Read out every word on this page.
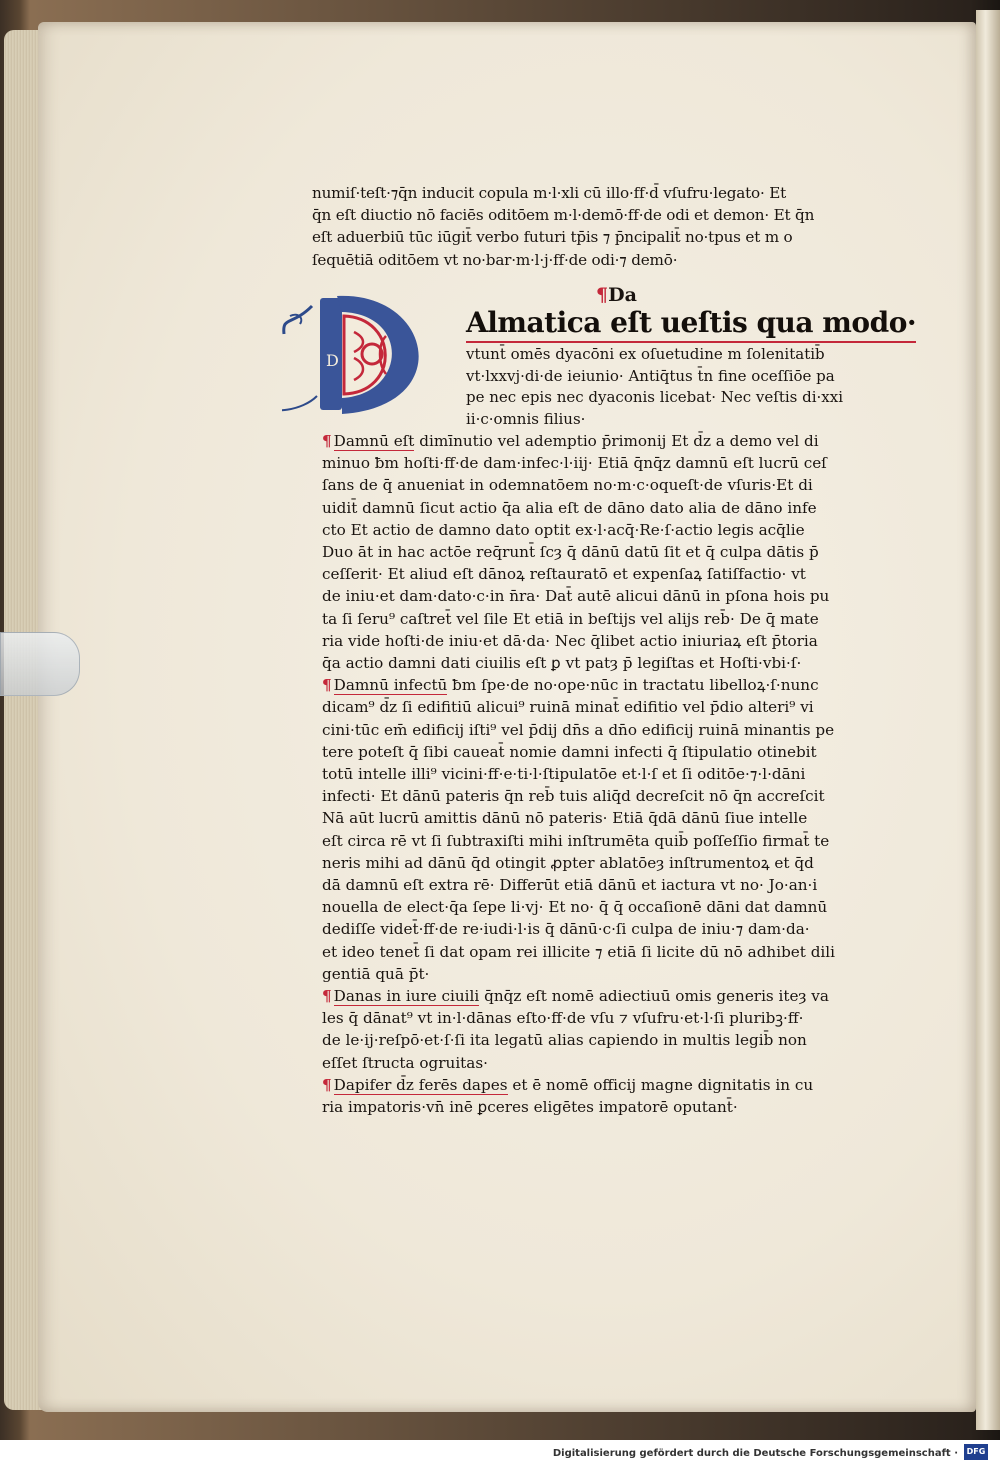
numiſ·teſt·⁊q̄n inducit copula m·l·xli cū illo·ff·d̄ vſufru·legato· Et
q̄n eſt diuctio nō faciēs oditōem m·l·demō·ff·de odi et demon· Et q̄n
eſt aduerbiū tūc iūgit̄ verbo futuri tp̄is ⁊ p̄ncipalit̄ no·tpus et m o
ſequētiā oditōem vt no·bar·m·l·j·ff·de odi·⁊ demō·
¶Da
D
Almatica eſt ueſtis qua modo·
vtunt̄ omēs dyacōni ex oſuetudine m ſolenitatib̄
vt·lxxvj·di·de ieiunio· Antiq̄tus t̄n fine oceſſiōe pa
pe nec epis nec dyaconis licebat· Nec veſtis di·xxi
ii·c·omnis filius·
¶ Damnū eſt dimīnutio vel ademptio p̄rimonij Et d̄z a demo vel di
minuo ƀm hoſti·ff·de dam·infec·l·iij· Etiā q̄nq̄z damnū eſt lucrū ceſ
ſans de q̄ anueniat in odemnatōem no·m·c·oqueſt·de vſuris·Et di
uidit̄ damnū ſicut actio q̄a alia eſt de dāno dato alia de dāno infe
cto Et actio de damno dato optit ex·l·acq̄·Re·ſ·actio legis acq̄lie
Duo āt in hac actōe req̄runt̄ ſcȝ q̄ dānū datū ſit et q̄ culpa dātis p̄
ceſſerit· Et aliud eſt dānoꝝ reſtauratō et expenſaꝝ ſatiſfactio· vt
de iniu·et dam·dato·c·in n̄ra· Dat̄ autē alicui dānū in pſona hois pu
ta ſi ſeru⁹ caſtret̄ vel ſile Et etiā in beſtijs vel alijs reb̄· De q̄ mate
ria vide hoſti·de iniu·et dā·da· Nec q̄libet actio iniuriaꝝ eſt p̄toria
q̄a actio damni dati ciuilis eſt ꝑ vt patȝ p̄ legiſtas et Hoſti·vbi·ſ·
¶ Damnū infectū ƀm ſpe·de no·ope·nūc in tractatu libelloꝝ·ſ·nunc
dicam⁹ d̄z ſi edifitiū alicui⁹ ruinā minat̄ edifitio vel p̄dio alteri⁹ vi
cini·tūc em̄ edificij iſti⁹ vel p̄dij dn̄s a dn̄o edificij ruinā minantis pe
tere poteſt q̄ ſibi caueat̄ nomie damni infecti q̄ ſtipulatio otinebit
totū intelle illi⁹ vicini·ff·e·ti·l·ſtipulatōe et·l·ſ et ſi oditōe·⁊·l·dāni
infecti· Et dānū pateris q̄n reb̄ tuis aliq̄d decreſcit nō q̄n accreſcit
Nā aūt lucrū amittis dānū nō pateris· Etiā q̄dā dānū ſiue intelle
eſt circa rē vt ſi ſubtraxiſti mihi inſtrumēta quib̄ poſſeſſio firmat̄ te
neris mihi ad dānū q̄d otingit ꝓpter ablatōeȝ inſtrumentoꝝ et q̄d
dā damnū eſt extra rē· Differūt etiā dānū et iactura vt no· Jo·an·i
nouella de elect·q̄a ſepe li·vj· Et no· q̄ q̄ occaſionē dāni dat damnū
dediſſe videt̄·ff·de re·iudi·l·is q̄ dānū·c·ſi culpa de iniu·⁊ dam·da·
et ideo tenet̄ ſi dat opam rei illicite ⁊ etiā ſi licite dū nō adhibet dili
gentiā quā p̄t·
¶ Danas in iure ciuili q̄nq̄z eſt nomē adiectiuū omis generis iteȝ va
les q̄ dānat⁹ vt in·l·dānas eſto·ff·de vſu ⁊ vſufru·et·l·ſi pluribꝫ·ff·
de le·ij·reſpō·et·ſ·ſi ita legatū alias capiendo in multis legib̄ non
eſſet ſtructa ogruitas·
¶ Dapifer d̄z ferēs dapes et ē nomē officij magne dignitatis in cu
ria impatoris·vn̄ inē ꝑceres eligētes impatorē oputant̄·
Digitalisierung gefördert durch die Deutsche Forschungsgemeinschaft ·	DFG
